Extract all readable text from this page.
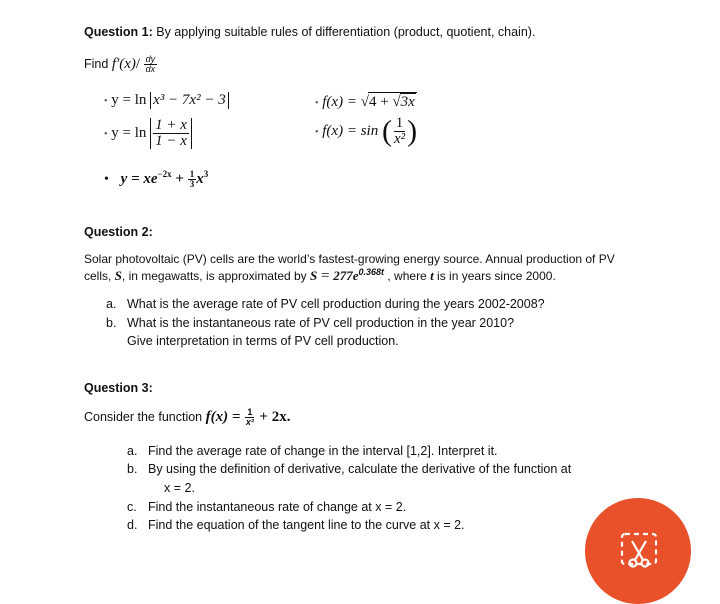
Question 1: By applying suitable rules of differentiation (product, quotient, chain).
Find $f'(x)/ \frac{dy}{dx}$
• y = ln x³ − 7x² − 3	• f(x) = √4 + √3x
• $y = \ln \frac{1 + x}{1 - x}$	• f(x) = sin ( $\frac{1}{\text{x²}}$ )
• $y = xe^{-2x} + \frac{1}{3} x^3$
Question 2:
Solar photovoltaic (PV) cells are the world’s fastest-growing energy source. Annual production of PV
cells, S, in megawatts, is approximated by $S = 277e^{0.368t}$ , where t is in years since 2000.
a. What is the average rate of PV cell production during the years 2002-2008?
b. What is the instantaneous rate of PV cell production in the year 2010?
Give interpretation in terms of PV cell production.
Question 3:
Consider the function $f(x) = \frac{1}{\text{x²}} + 2x$.
a. Find the average rate of change in the interval [1,2]. Interpret it.
b. By using the definition of derivative, calculate the derivative of the function at
x = 2.
c. Find the instantaneous rate of change at x = 2.
d. Find the equation of the tangent line to the curve at x = 2.
